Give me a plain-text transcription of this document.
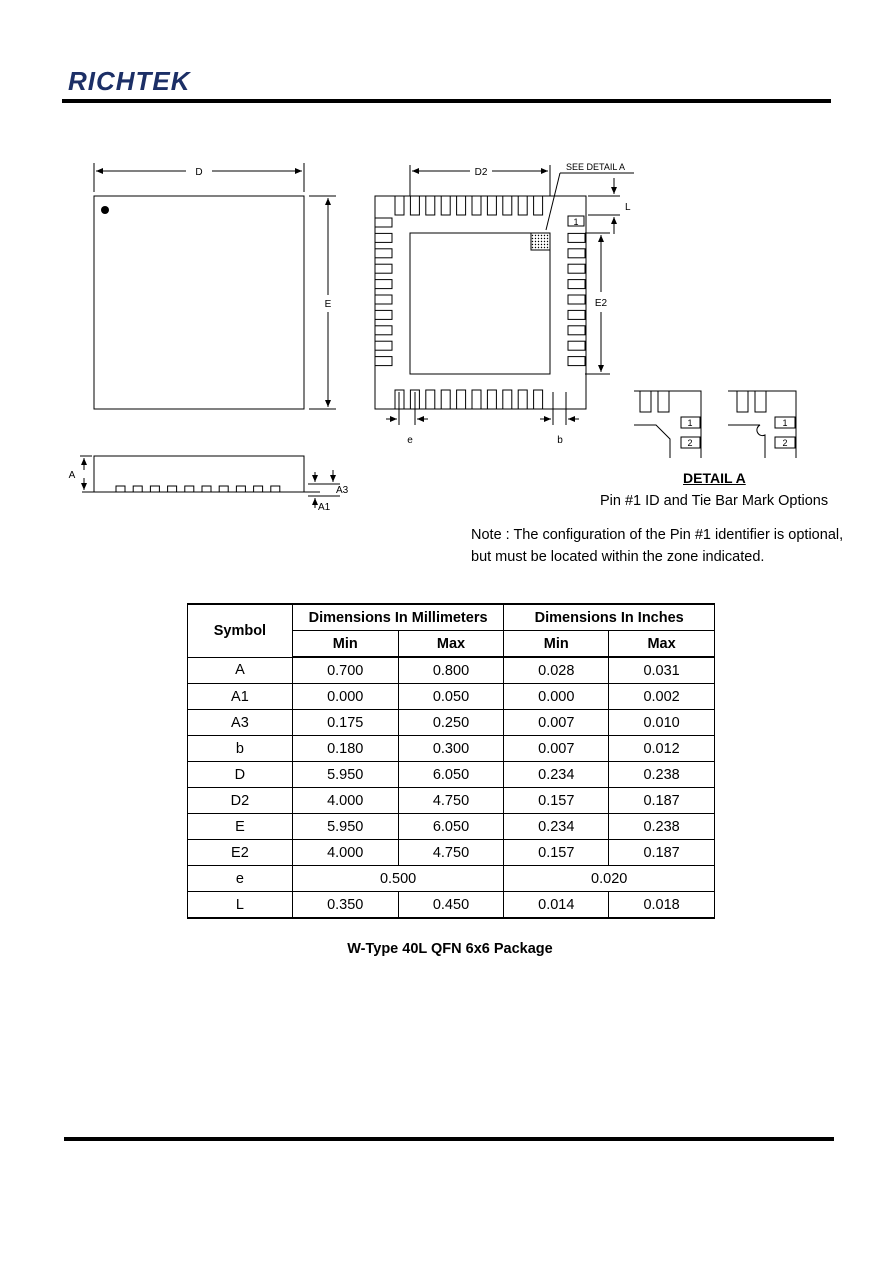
RICHTEK
D
E
A
A3
A1
1
D2	SEE DETAIL A
L
E2
e	b
1
2
1
2
DETAIL A
Pin #1 ID and Tie Bar Mark Options
Note : The configuration of the Pin #1 identifier is optional,
but must be located within the zone indicated.
Symbol	Dimensions In Millimeters		Dimensions In Inches	
	Min	Max	Min	Max
A	0.700	0.800	0.028	0.031
A1	0.000	0.050	0.000	0.002
A3	0.175	0.250	0.007	0.010
b	0.180	0.300	0.007	0.012
D	5.950	6.050	0.234	0.238
D2	4.000	4.750	0.157	0.187
E	5.950	6.050	0.234	0.238
E2	4.000	4.750	0.157	0.187
e	0.500		0.020	
L	0.350	0.450	0.014	0.018
W-Type 40L QFN 6x6 Package
